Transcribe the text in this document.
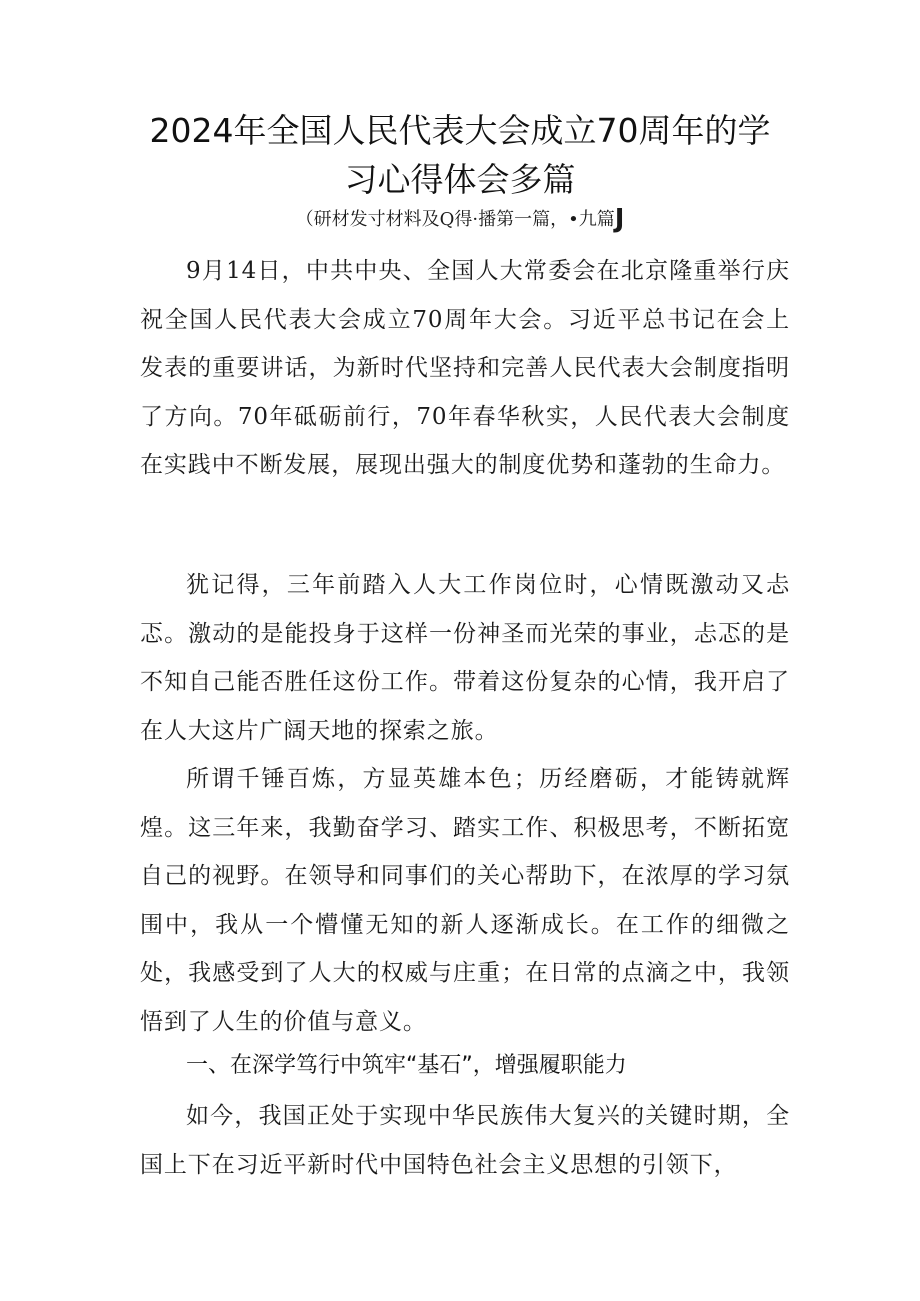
2024年全国人民代表大会成立70周年的学
习心得体会多篇
（研材发寸材料及Q得·播第一篇，•九篇J

9月14日，中共中央、全国人大常委会在北京隆重举行庆祝全国人民代表大会成立70周年大会。习近平总书记在会上发表的重要讲话，为新时代坚持和完善人民代表大会制度指明了方向。70年砥砺前行，70年春华秋实，人民代表大会制度在实践中不断发展，展现出强大的制度优势和蓬勃的生命力。

犹记得，三年前踏入人大工作岗位时，心情既激动又忐忑。激动的是能投身于这样一份神圣而光荣的事业，忐忑的是不知自己能否胜任这份工作。带着这份复杂的心情，我开启了在人大这片广阔天地的探索之旅。

所谓千锤百炼，方显英雄本色；历经磨砺，才能铸就辉煌。这三年来，我勤奋学习、踏实工作、积极思考，不断拓宽自己的视野。在领导和同事们的关心帮助下，在浓厚的学习氛围中，我从一个懵懂无知的新人逐渐成长。在工作的细微之处，我感受到了人大的权威与庄重；在日常的点滴之中，我领悟到了人生的价值与意义。

一、在深学笃行中筑牢“基石”，增强履职能力

如今，我国正处于实现中华民族伟大复兴的关键时期，全国上下在习近平新时代中国特色社会主义思想的引领下，
